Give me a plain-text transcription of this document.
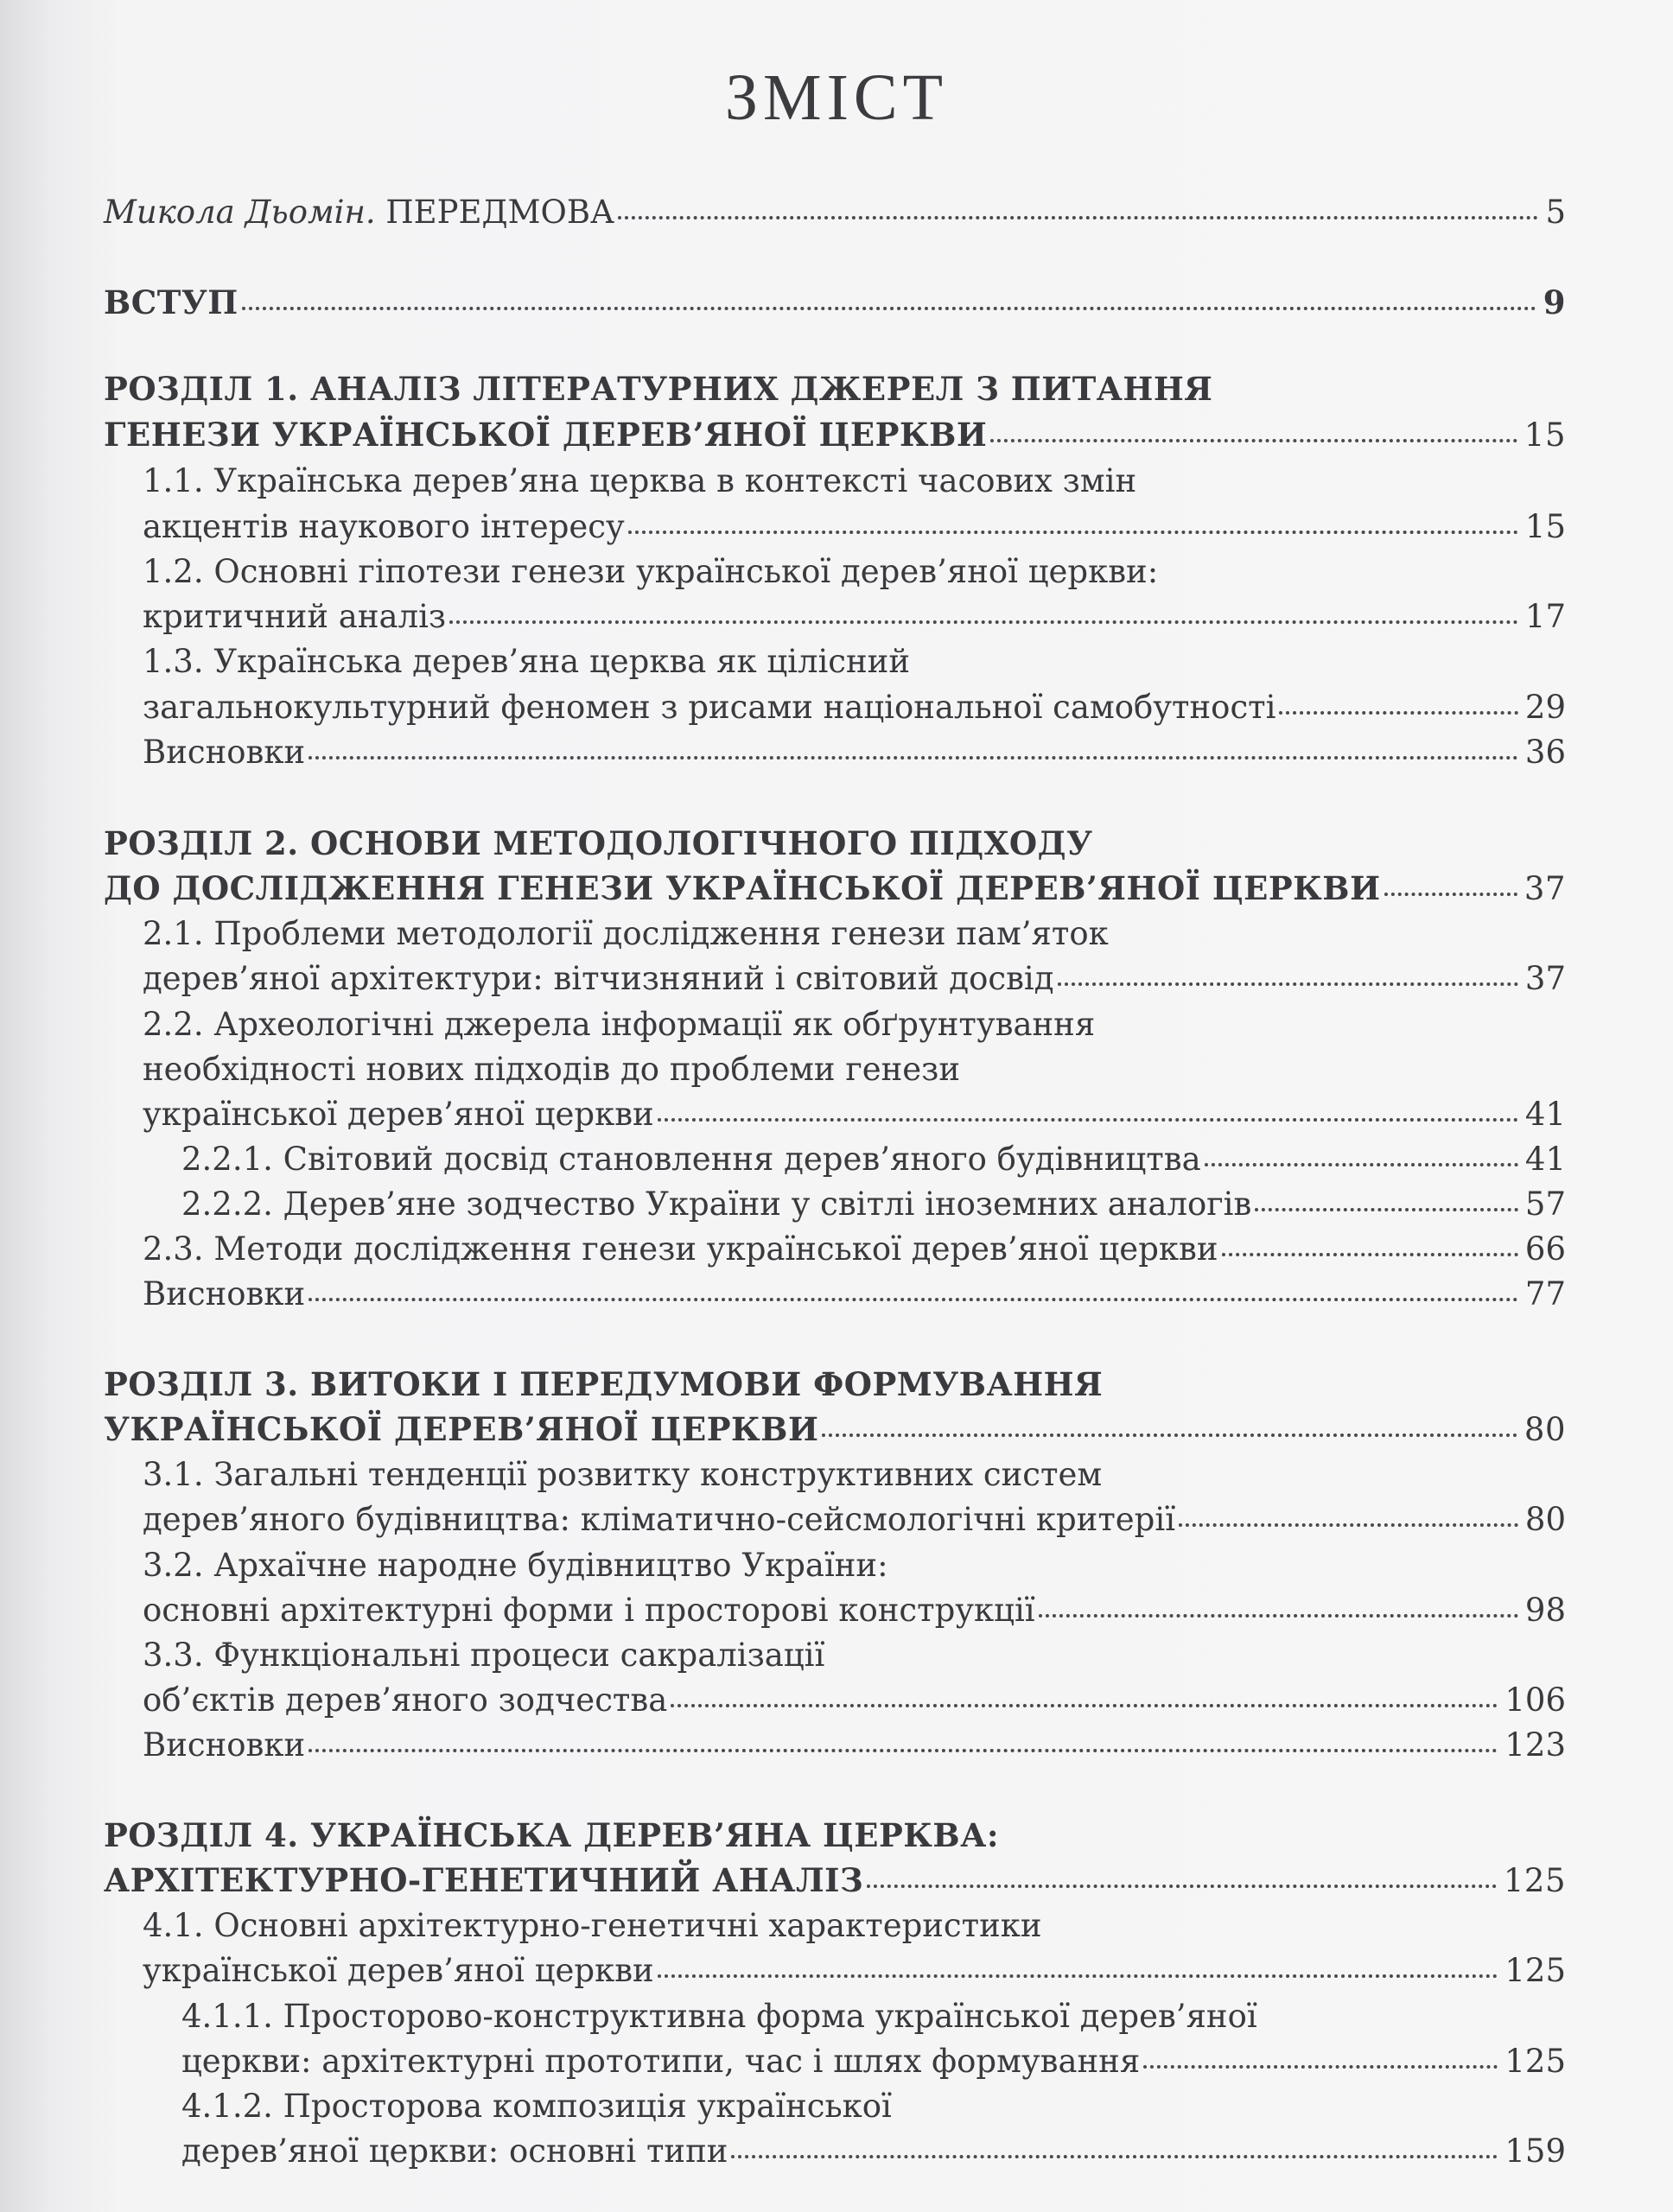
ЗМІСТ
Микола Дьомін. ПЕРЕДМОВА	5
ВСТУП	9
РОЗДІЛ 1. АНАЛІЗ ЛІТЕРАТУРНИХ ДЖЕРЕЛ З ПИТАННЯ
ГЕНЕЗИ УКРАЇНСЬКОЇ ДЕРЕВ’ЯНОЇ ЦЕРКВИ	15
1.1. Українська дерев’яна церква в контексті часових змін
акцентів наукового інтересу	15
1.2. Основні гіпотези генези української дерев’яної церкви:
критичний аналіз	17
1.3. Українська дерев’яна церква як цілісний
загальнокультурний феномен з рисами національної самобутності	29
Висновки	36
РОЗДІЛ 2. ОСНОВИ МЕТОДОЛОГІЧНОГО ПІДХОДУ
ДО ДОСЛІДЖЕННЯ ГЕНЕЗИ УКРАЇНСЬКОЇ ДЕРЕВ’ЯНОЇ ЦЕРКВИ	37
2.1. Проблеми методології дослідження генези пам’яток
дерев’яної архітектури: вітчизняний і світовий досвід	37
2.2. Археологічні джерела інформації як обґрунтування
необхідності нових підходів до проблеми генези
української дерев’яної церкви	41
2.2.1. Світовий досвід становлення дерев’яного будівництва	41
2.2.2. Дерев’яне зодчество України у світлі іноземних аналогів	57
2.3. Методи дослідження генези української дерев’яної церкви	66
Висновки	77
РОЗДІЛ 3. ВИТОКИ І ПЕРЕДУМОВИ ФОРМУВАННЯ
УКРАЇНСЬКОЇ ДЕРЕВ’ЯНОЇ ЦЕРКВИ	80
3.1. Загальні тенденції розвитку конструктивних систем
дерев’яного будівництва: кліматично-сейсмологічні критерії	80
3.2. Архаїчне народне будівництво України:
основні архітектурні форми і просторові конструкції	98
3.3. Функціональні процеси сакралізації
об’єктів дерев’яного зодчества	106
Висновки	123
РОЗДІЛ 4. УКРАЇНСЬКА ДЕРЕВ’ЯНА ЦЕРКВА:
АРХІТЕКТУРНО-ГЕНЕТИЧНИЙ АНАЛІЗ	125
4.1. Основні архітектурно-генетичні характеристики
української дерев’яної церкви	125
4.1.1. Просторово-конструктивна форма української дерев’яної
церкви: архітектурні прототипи, час і шлях формування	125
4.1.2. Просторова композиція української
дерев’яної церкви: основні типи	159
